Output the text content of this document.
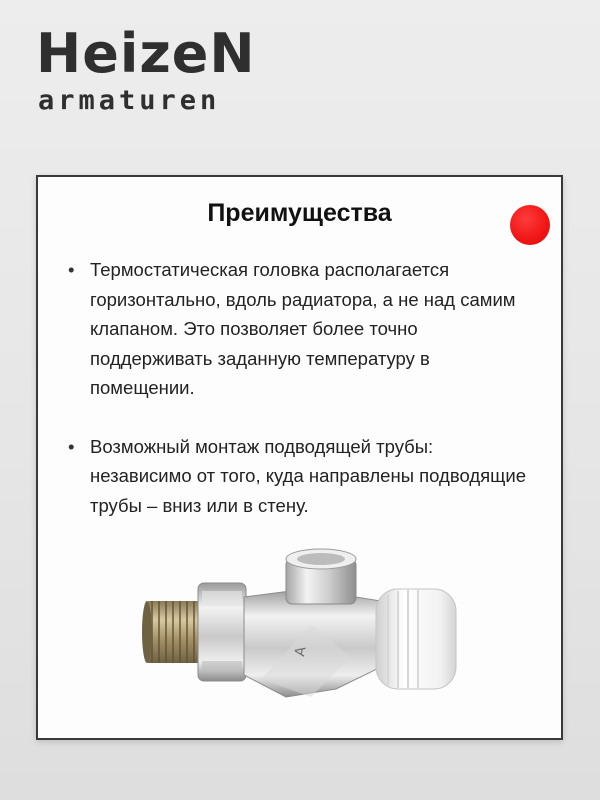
HeizeN
armaturen
Преимущества
• Термостатическая головка располагается горизонтально, вдоль радиатора, а не над самим клапаном. Это позволяет более точно поддерживать заданную температуру в помещении.
• Возможный монтаж подводящей трубы: независимо от того, куда направлены подводящие трубы – вниз или в стену.
A
